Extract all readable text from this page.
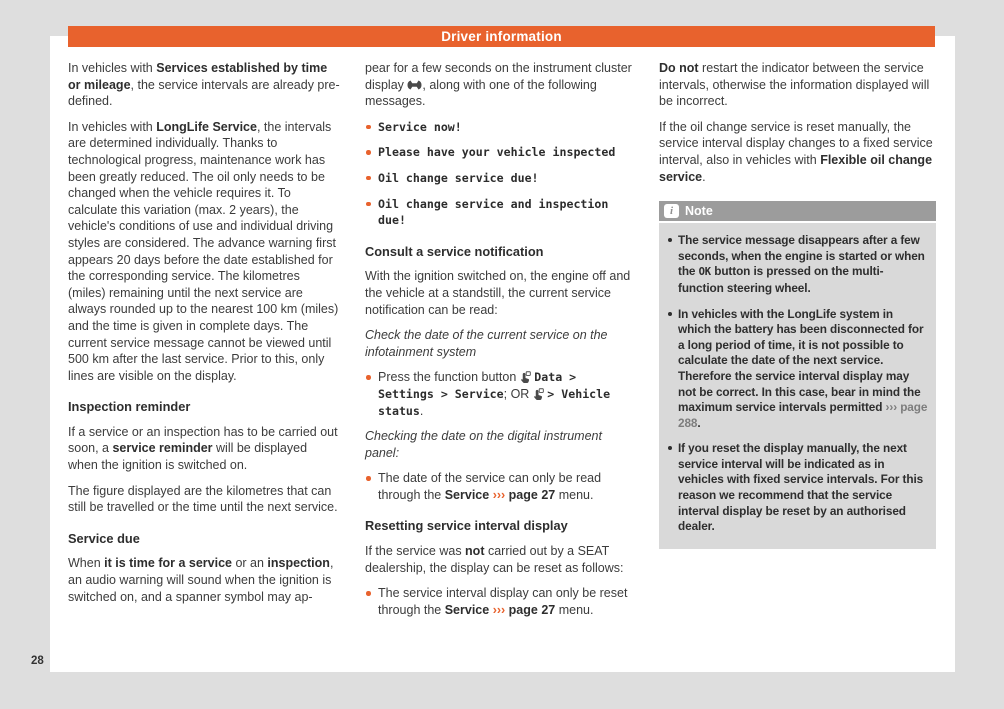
Driver information

In vehicles with Services established by time or mileage, the service intervals are already pre-defined.

In vehicles with LongLife Service, the intervals are determined individually. Thanks to technological progress, maintenance work has been greatly reduced. The oil only needs to be changed when the vehicle requires it. To calculate this variation (max. 2 years), the vehicle's conditions of use and individual driving styles are considered. The advance warning first appears 20 days before the date established for the corresponding service. The kilometres (miles) remaining until the next service are always rounded up to the nearest 100 km (miles) and the time is given in complete days. The current service message cannot be viewed until 500 km after the last service. Prior to this, only lines are visible on the display.

Inspection reminder

If a service or an inspection has to be carried out soon, a service reminder will be displayed when the ignition is switched on.

The figure displayed are the kilometres that can still be travelled or the time until the next service.

Service due

When it is time for a service or an inspection, an audio warning will sound when the ignition is switched on, and a spanner symbol may ap-

pear for a few seconds on the instrument cluster display , along with one of the following messages.

Service now!
Please have your vehicle inspected
Oil change service due!
Oil change service and inspection due!
Consult a service notification

With the ignition switched on, the engine off and the vehicle at a standstill, the current service notification can be read:

Check the date of the current service on the infotainment system

Press the function button  Data > Settings > Service; OR  > Vehicle status.

Checking the date on the digital instrument panel:

The date of the service can only be read through the Service ››› page 27 menu.
Resetting service interval display

If the service was not carried out by a SEAT dealership, the display can be reset as follows:

The service interval display can only be reset through the Service ››› page 27 menu.

Do not restart the indicator between the service intervals, otherwise the information displayed will be incorrect.

If the oil change service is reset manually, the service interval display changes to a fixed service interval, also in vehicles with Flexible oil change service.

i Note
The service message disappears after a few seconds, when the engine is started or when the OK button is pressed on the multi-function steering wheel.
In vehicles with the LongLife system in which the battery has been disconnected for a long period of time, it is not possible to calculate the date of the next service. Therefore the service interval display may not be correct. In this case, bear in mind the maximum service intervals permitted ››› page 288.
If you reset the display manually, the next service interval will be indicated as in vehicles with fixed service intervals. For this reason we recommend that the service interval display be reset by an authorised dealer.
28
